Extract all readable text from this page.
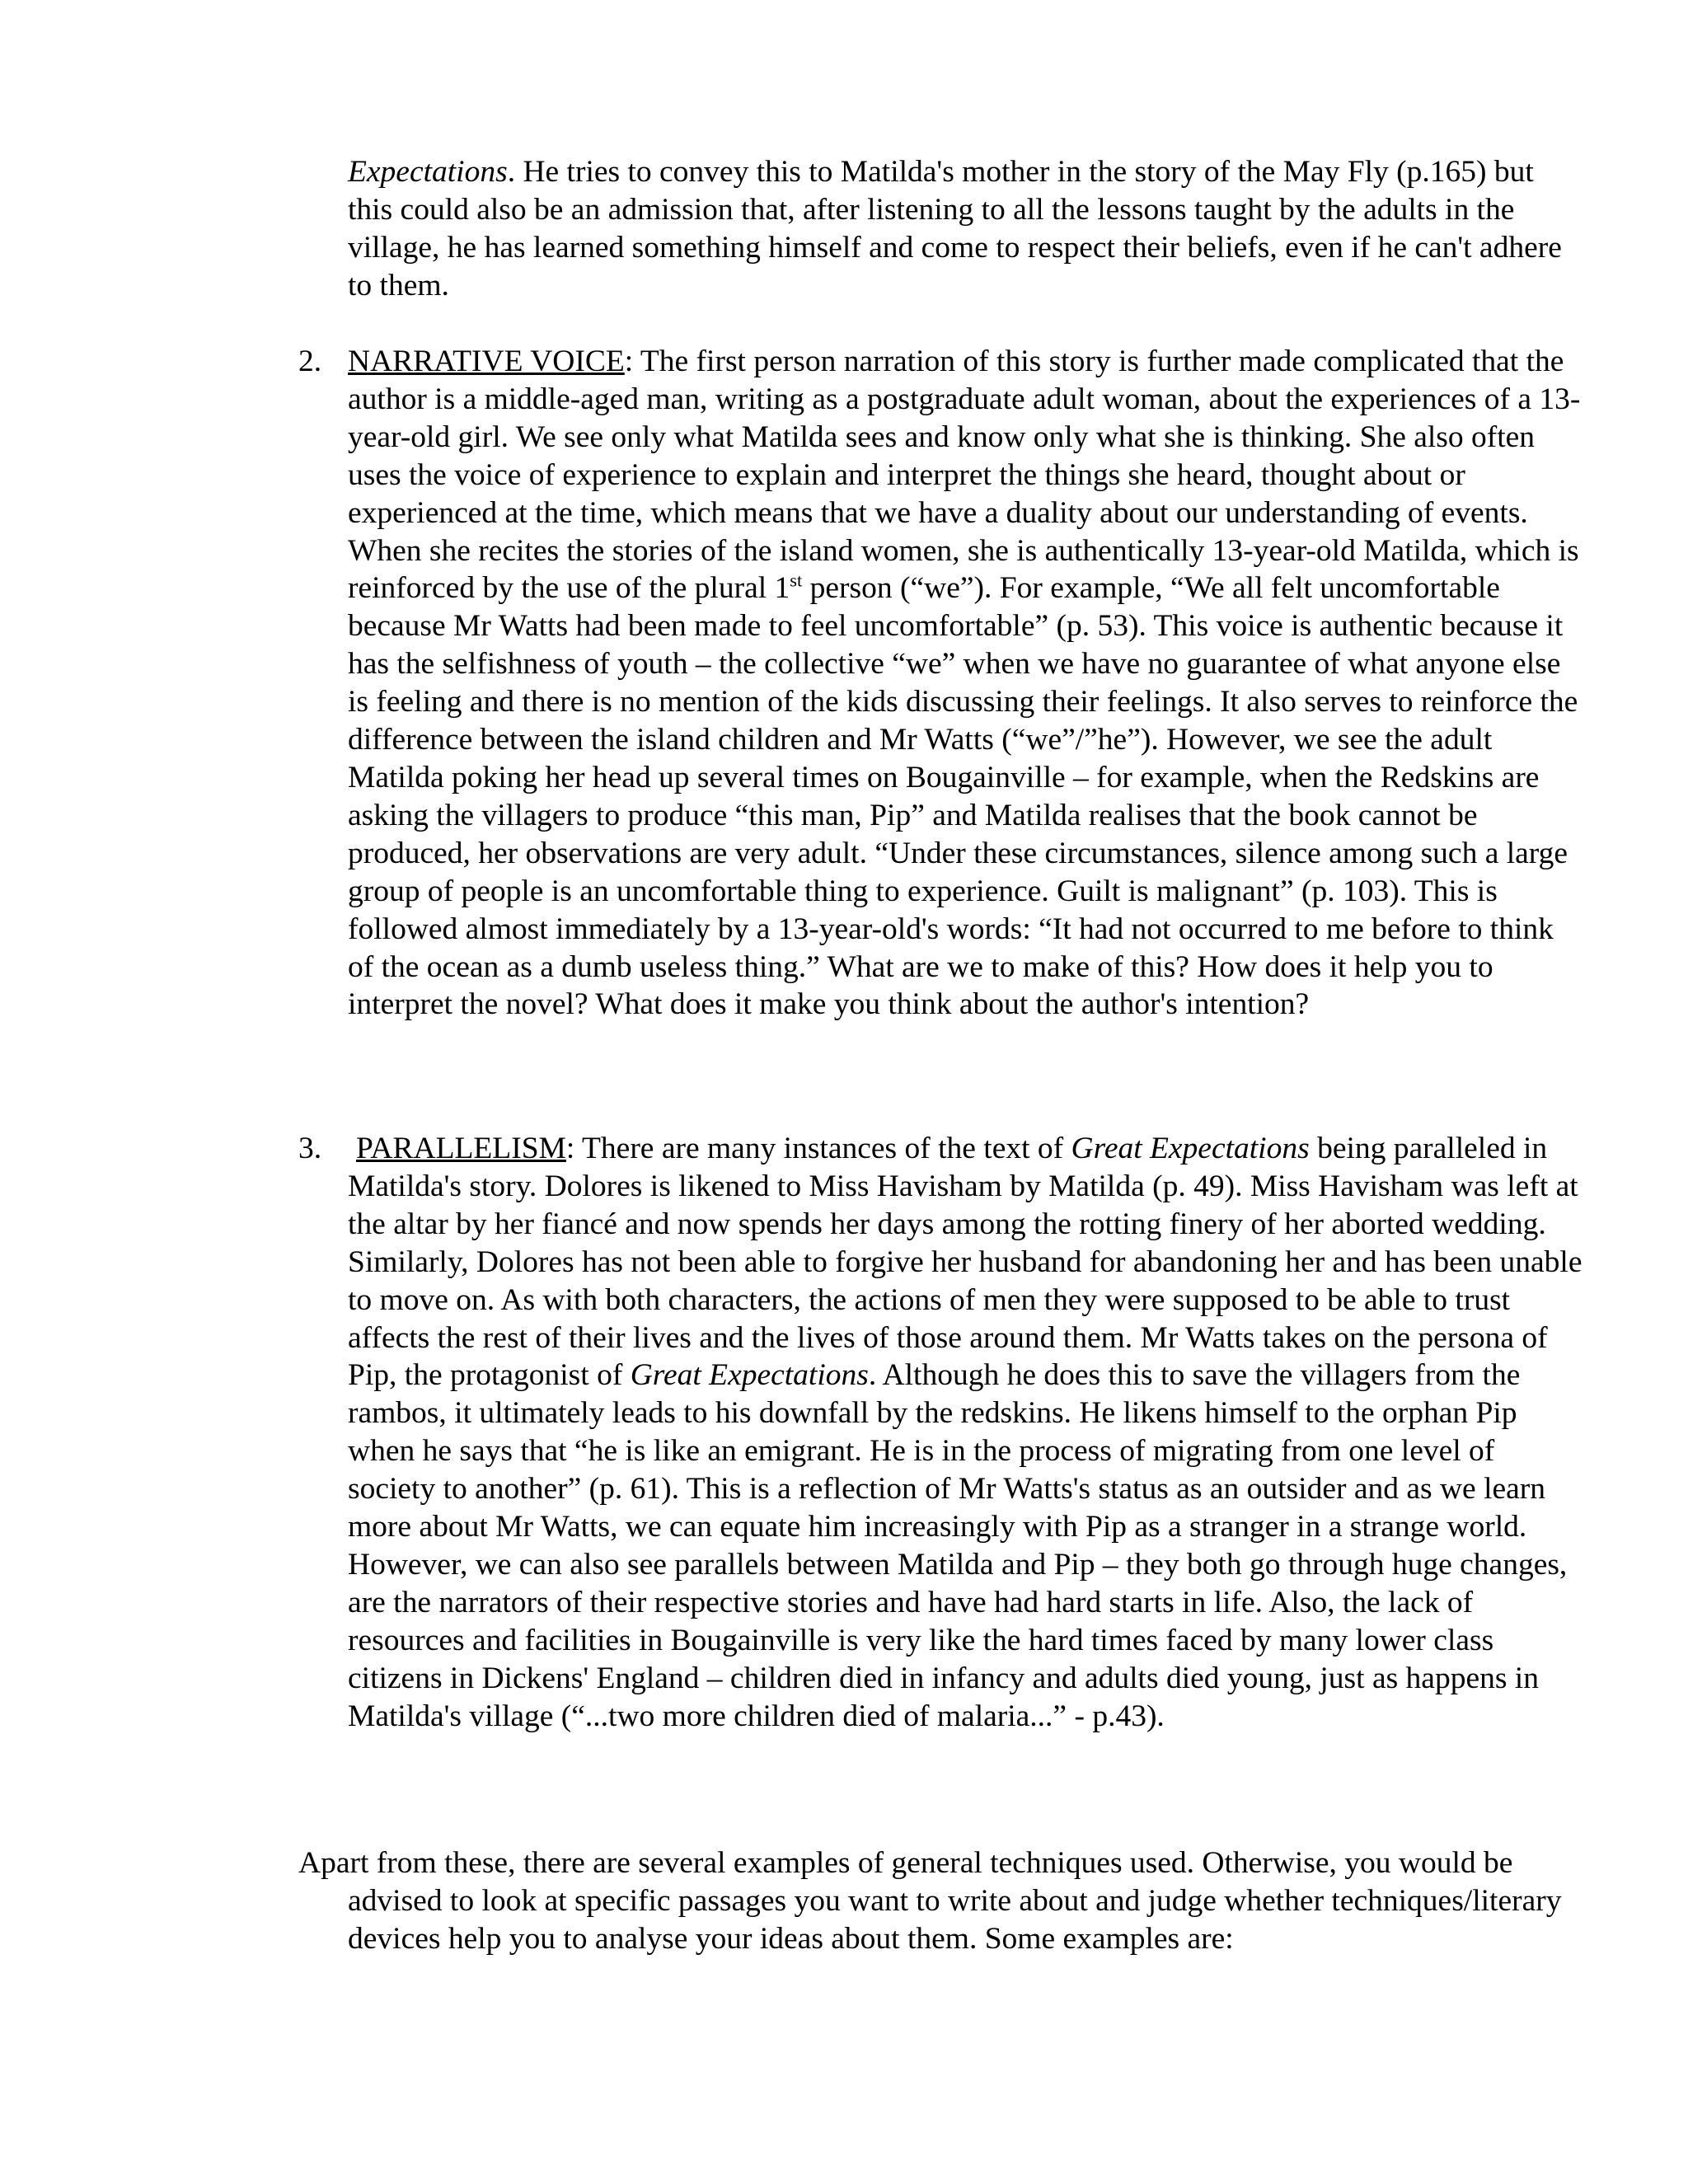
Expectations. He tries to convey this to Matilda's mother in the story of the May Fly (p.165) but this could also be an admission that, after listening to all the lessons taught by the adults in the village, he has learned something himself and come to respect their beliefs, even if he can't adhere to them.

2. NARRATIVE VOICE: The first person narration of this story is further made complicated that the author is a middle-aged man, writing as a postgraduate adult woman, about the experiences of a 13-year-old girl. We see only what Matilda sees and know only what she is thinking. She also often uses the voice of experience to explain and interpret the things she heard, thought about or experienced at the time, which means that we have a duality about our understanding of events. When she recites the stories of the island women, she is authentically 13-year-old Matilda, which is reinforced by the use of the plural 1st person (“we”). For example, “We all felt uncomfortable because Mr Watts had been made to feel uncomfortable” (p. 53). This voice is authentic because it has the selfishness of youth – the collective “we” when we have no guarantee of what anyone else is feeling and there is no mention of the kids discussing their feelings. It also serves to reinforce the difference between the island children and Mr Watts (“we”/”he”). However, we see the adult Matilda poking her head up several times on Bougainville – for example, when the Redskins are asking the villagers to produce “this man, Pip” and Matilda realises that the book cannot be produced, her observations are very adult. “Under these circumstances, silence among such a large group of people is an uncomfortable thing to experience. Guilt is malignant” (p. 103). This is followed almost immediately by a 13-year-old's words: “It had not occurred to me before to think of the ocean as a dumb useless thing.” What are we to make of this? How does it help you to interpret the novel? What does it make you think about the author's intention?

3. PARALLELISM: There are many instances of the text of Great Expectations being paralleled in Matilda's story. Dolores is likened to Miss Havisham by Matilda (p. 49). Miss Havisham was left at the altar by her fiancé and now spends her days among the rotting finery of her aborted wedding. Similarly, Dolores has not been able to forgive her husband for abandoning her and has been unable to move on. As with both characters, the actions of men they were supposed to be able to trust affects the rest of their lives and the lives of those around them. Mr Watts takes on the persona of Pip, the protagonist of Great Expectations. Although he does this to save the villagers from the rambos, it ultimately leads to his downfall by the redskins. He likens himself to the orphan Pip when he says that “he is like an emigrant. He is in the process of migrating from one level of society to another” (p. 61). This is a reflection of Mr Watts's status as an outsider and as we learn more about Mr Watts, we can equate him increasingly with Pip as a stranger in a strange world. However, we can also see parallels between Matilda and Pip – they both go through huge changes, are the narrators of their respective stories and have had hard starts in life. Also, the lack of resources and facilities in Bougainville is very like the hard times faced by many lower class citizens in Dickens' England – children died in infancy and adults died young, just as happens in Matilda's village (“...two more children died of malaria...” - p.43).

Apart from these, there are several examples of general techniques used. Otherwise, you would be advised to look at specific passages you want to write about and judge whether techniques/literary devices help you to analyse your ideas about them. Some examples are:
